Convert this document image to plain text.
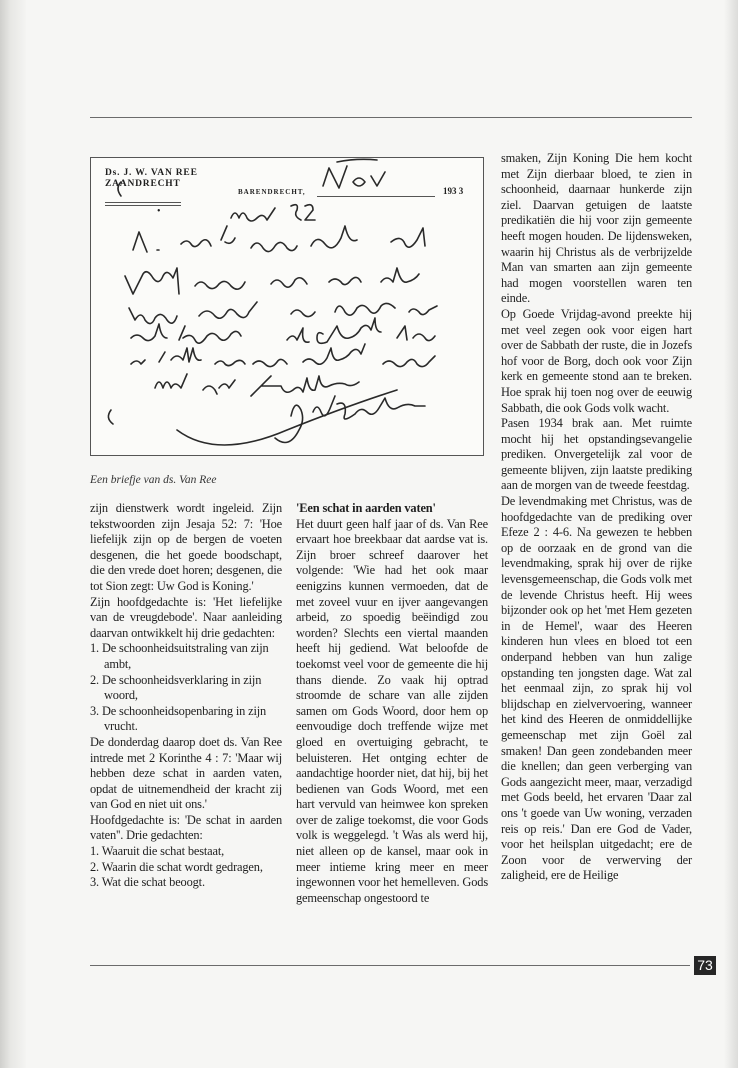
Ds. J. W. VAN REE
ZAANDRECHT
•
BARENDRECHT,	193 3
Een briefje van ds. Van Ree

zijn dienstwerk wordt ingeleid. Zijn tekstwoorden zijn Jesaja 52: 7: 'Hoe liefelijk zijn op de bergen de voeten desgenen, die het goede boodschapt, die den vrede doet horen; desgenen, die tot Sion zegt: Uw God is Koning.'

Zijn hoofdgedachte is: 'Het liefelijke van de vreugdebode'. Naar aanleiding daarvan ontwikkelt hij drie gedachten:

1. De schoonheidsuitstraling van zijn ambt,
2. De schoonheidsverklaring in zijn woord,
3. De schoonheidsopenbaring in zijn vrucht.

De donderdag daarop doet ds. Van Ree intrede met 2 Korinthe 4 : 7: 'Maar wij hebben deze schat in aarden vaten, opdat de uitnemendheid der kracht zij van God en niet uit ons.'

Hoofdgedachte is: 'De schat in aarden vaten''. Drie gedachten:

1. Waaruit die schat bestaat,
2. Waarin die schat wordt gedragen,
3. Wat die schat beoogt.

'Een schat in aarden vaten'

Het duurt geen half jaar of ds. Van Ree ervaart hoe breekbaar dat aardse vat is. Zijn broer schreef daarover het volgende: 'Wie had het ook maar eenigzins kunnen vermoeden, dat de met zoveel vuur en ijver aangevangen arbeid, zo spoedig beëindigd zou worden? Slechts een viertal maanden heeft hij gediend. Wat beloofde de toekomst veel voor de gemeente die hij thans diende. Zo vaak hij optrad stroomde de schare van alle zijden samen om Gods Woord, door hem op eenvoudige doch treffende wijze met gloed en overtuiging gebracht, te beluisteren. Het ontging echter de aandachtige hoorder niet, dat hij, bij het bedienen van Gods Woord, met een hart vervuld van heimwee kon spreken over de zalige toekomst, die voor Gods volk is weggelegd. 't Was als werd hij, niet alleen op de kansel, maar ook in meer intieme kring meer en meer ingewonnen voor het hemelleven. Gods gemeenschap ongestoord te

smaken, Zijn Koning Die hem kocht met Zijn dierbaar bloed, te zien in schoonheid, daarnaar hunkerde zijn ziel. Daarvan getuigen de laatste predikatiën die hij voor zijn gemeente heeft mogen houden. De lijdensweken, waarin hij Christus als de verbrijzelde Man van smarten aan zijn gemeente had mogen voorstellen waren ten einde.

Op Goede Vrijdag-avond preekte hij met veel zegen ook voor eigen hart over de Sabbath der ruste, die in Jozefs hof voor de Borg, doch ook voor Zijn kerk en gemeente stond aan te breken. Hoe sprak hij toen nog over de eeuwig Sabbath, die ook Gods volk wacht.

Pasen 1934 brak aan. Met ruimte mocht hij het opstandingsevangelie prediken. Onvergetelijk zal voor de gemeente blijven, zijn laatste prediking aan de morgen van de tweede feestdag.

De levendmaking met Christus, was de hoofdgedachte van de prediking over Efeze 2 : 4-6. Na gewezen te hebben op de oorzaak en de grond van die levendmaking, sprak hij over de rijke levensgemeenschap, die Gods volk met de levende Christus heeft. Hij wees bijzonder ook op het 'met Hem gezeten in de Hemel', waar des Heeren kinderen hun vlees en bloed tot een onderpand hebben van hun zalige opstanding ten jongsten dage. Wat zal het eenmaal zijn, zo sprak hij vol blijdschap en zielvervoering, wanneer het kind des Heeren de onmiddellijke gemeenschap met zijn Goël zal smaken! Dan geen zondebanden meer die knellen; dan geen verberging van Gods aangezicht meer, maar, verzadigd met Gods beeld, het ervaren 'Daar zal ons 't goede van Uw woning, verzaden reis op reis.' Dan ere God de Vader, voor het heilsplan uitgedacht; ere de Zoon voor de verwerving der zaligheid, ere de Heilige

73
